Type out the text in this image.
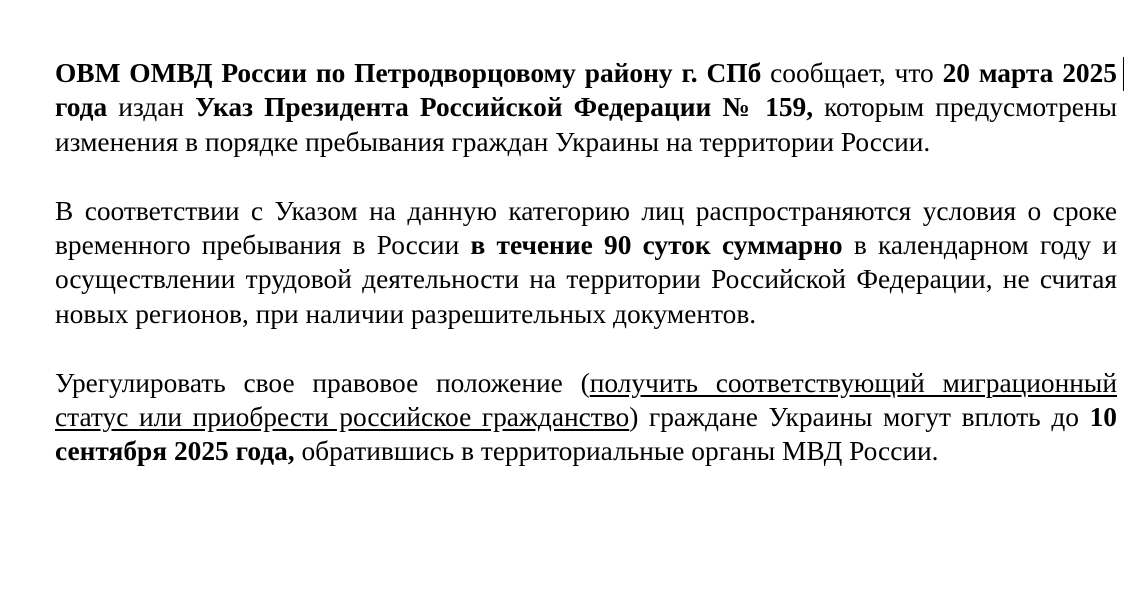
ОВМ ОМВД России по Петродворцовому району г. СПб сообщает, что 20 марта 2025 года издан Указ Президента Российской Федерации № 159, которым предусмотрены изменения в порядке пребывания граждан Украины на территории России.

В соответствии с Указом на данную категорию лиц распространяются условия о сроке временного пребывания в России в течение 90 суток суммарно в календарном году и осуществлении трудовой деятельности на территории Российской Федерации, не считая новых регионов, при наличии разрешительных документов.

Урегулировать свое правовое положение (получить соответствующий миграционный статус или приобрести российское гражданство) граждане Украины могут вплоть до 10 сентября 2025 года, обратившись в территориальные органы МВД России.
